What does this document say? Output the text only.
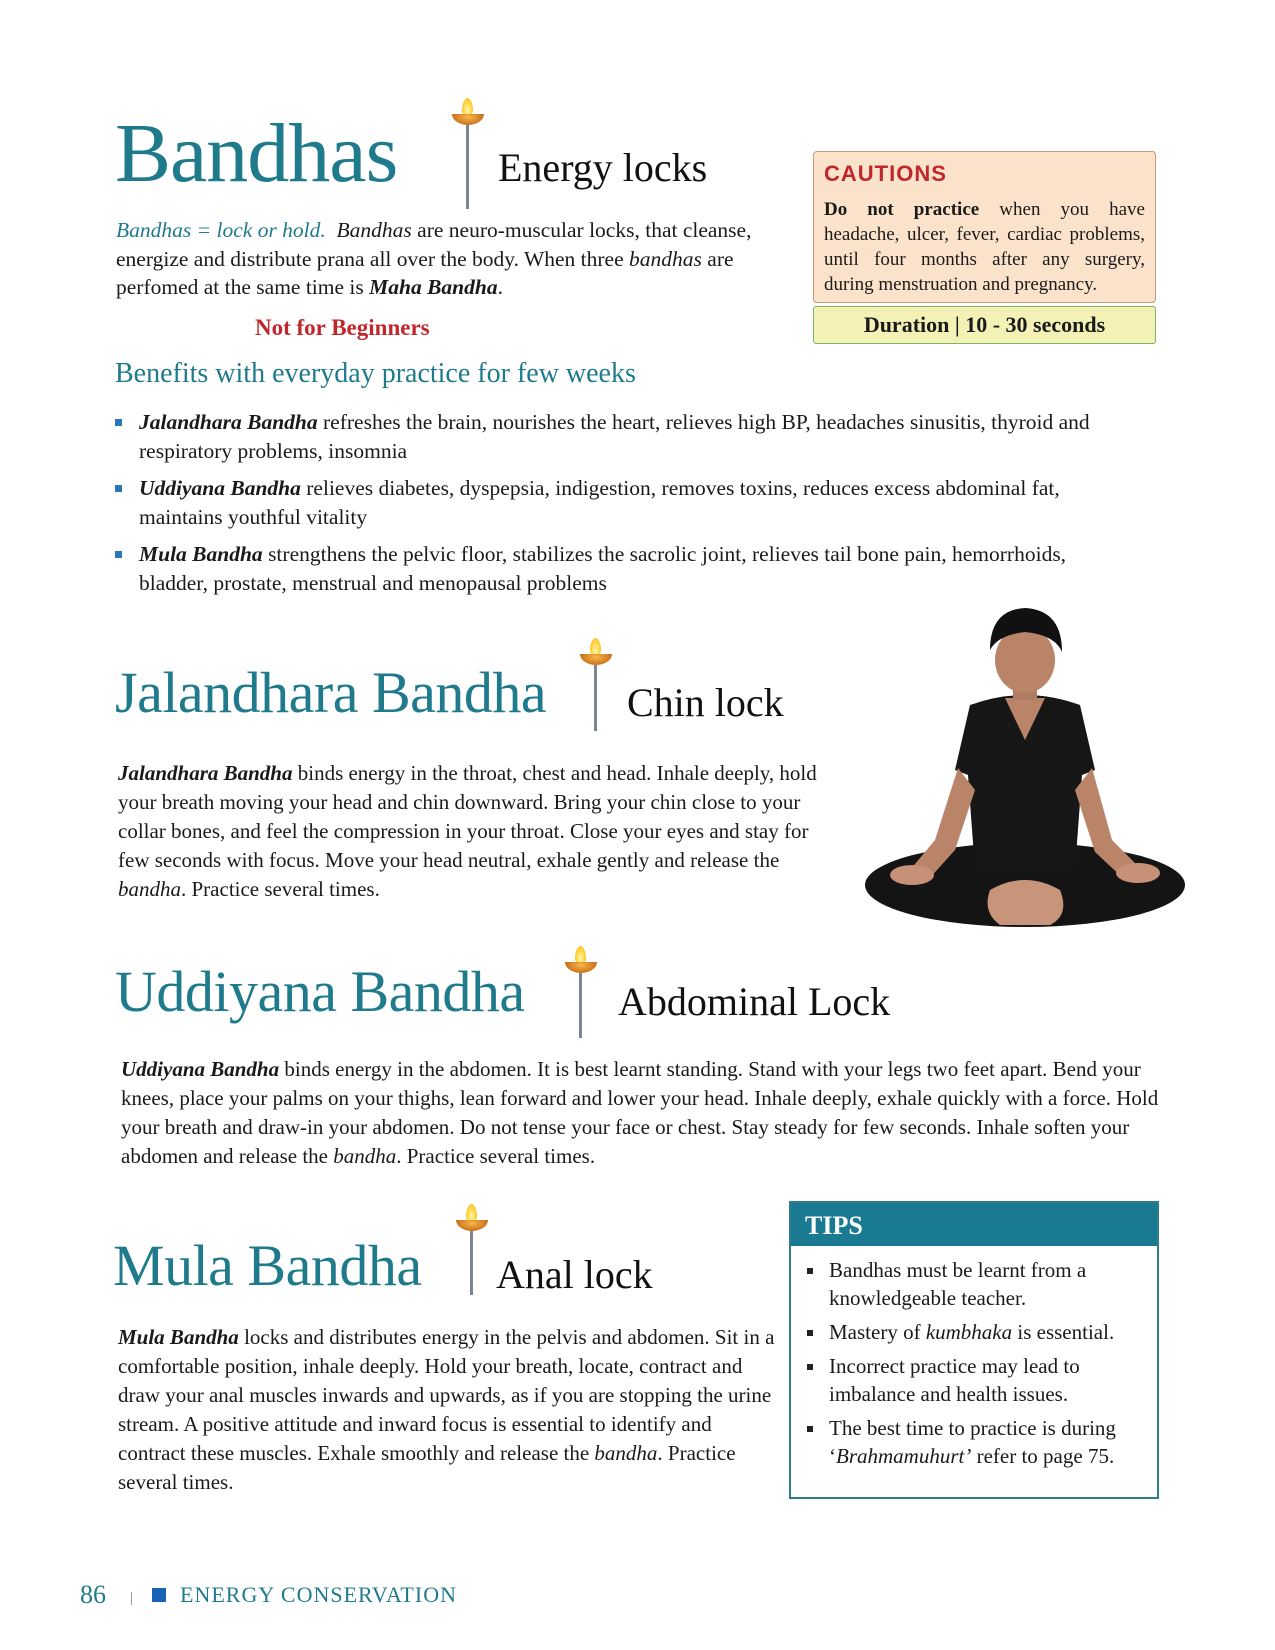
Bandhas	Energy locks
Bandhas = lock or hold. Bandhas are neuro-muscular locks, that cleanse, energize and distribute prana all over the body. When three bandhas are perfomed at the same time is Maha Bandha.
Not for Beginners
CAUTIONS
Do not practice when you have headache, ulcer, fever, cardiac problems, until four months after any surgery, during menstruation and pregnancy.
Duration | 10 - 30 seconds
Benefits with everyday practice for few weeks
Jalandhara Bandha refreshes the brain, nourishes the heart, relieves high BP, headaches sinusitis, thyroid and respiratory problems, insomnia
Uddiyana Bandha relieves diabetes, dyspepsia, indigestion, removes toxins, reduces excess abdominal fat, maintains youthful vitality
Mula Bandha strengthens the pelvic floor, stabilizes the sacrolic joint, relieves tail bone pain, hemorrhoids, bladder, prostate, menstrual and menopausal problems
Jalandhara Bandha Chin lock
Jalandhara Bandha binds energy in the throat, chest and head. Inhale deeply, hold your breath moving your head and chin downward. Bring your chin close to your collar bones, and feel the compression in your throat. Close your eyes and stay for few seconds with focus. Move your head neutral, exhale gently and release the bandha. Practice several times.
Uddiyana Bandha Abdominal Lock
Uddiyana Bandha binds energy in the abdomen. It is best learnt standing. Stand with your legs two feet apart. Bend your knees, place your palms on your thighs, lean forward and lower your head. Inhale deeply, exhale quickly with a force. Hold your breath and draw-in your abdomen. Do not tense your face or chest. Stay steady for few seconds. Inhale soften your abdomen and release the bandha. Practice several times.
Mula Bandha Anal lock
Mula Bandha locks and distributes energy in the pelvis and abdomen. Sit in a comfortable position, inhale deeply. Hold your breath, locate, contract and draw your anal muscles inwards and upwards, as if you are stopping the urine stream. A positive attitude and inward focus is essential to identify and contract these muscles. Exhale smoothly and release the bandha. Practice several times.
TIPS
Bandhas must be learnt from a knowledgeable teacher.
Mastery of kumbhaka is essential.
Incorrect practice may lead to imbalance and health issues.
The best time to practice is during ‘Brahmamuhurt’ refer to page 75.
86	ENERGY CONSERVATION
